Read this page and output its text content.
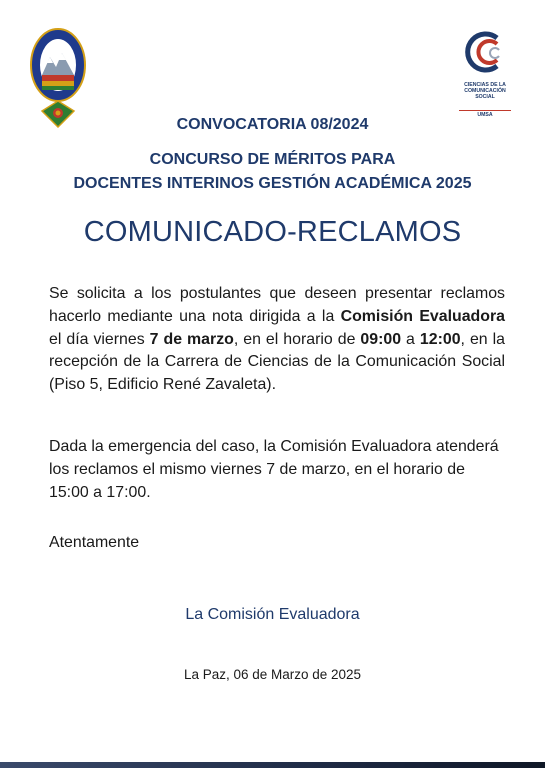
CIENCIAS DE LA
COMUNICACIÓN
SOCIAL
UMSA
CONVOCATORIA 08/2024
CONCURSO DE MÉRITOS PARA
DOCENTES INTERINOS GESTIÓN ACADÉMICA 2025
COMUNICADO-RECLAMOS
Se solicita a los postulantes que deseen presentar reclamos hacerlo mediante una nota dirigida a la Comisión Evaluadora el día viernes 7 de marzo, en el horario de 09:00 a 12:00, en la recepción de la Carrera de Ciencias de la Comunicación Social (Piso 5, Edificio René Zavaleta).
Dada la emergencia del caso, la Comisión Evaluadora atenderá los reclamos el mismo viernes 7 de marzo, en el horario de 15:00 a 17:00.
Atentamente
La Comisión Evaluadora
La Paz, 06 de Marzo de 2025
